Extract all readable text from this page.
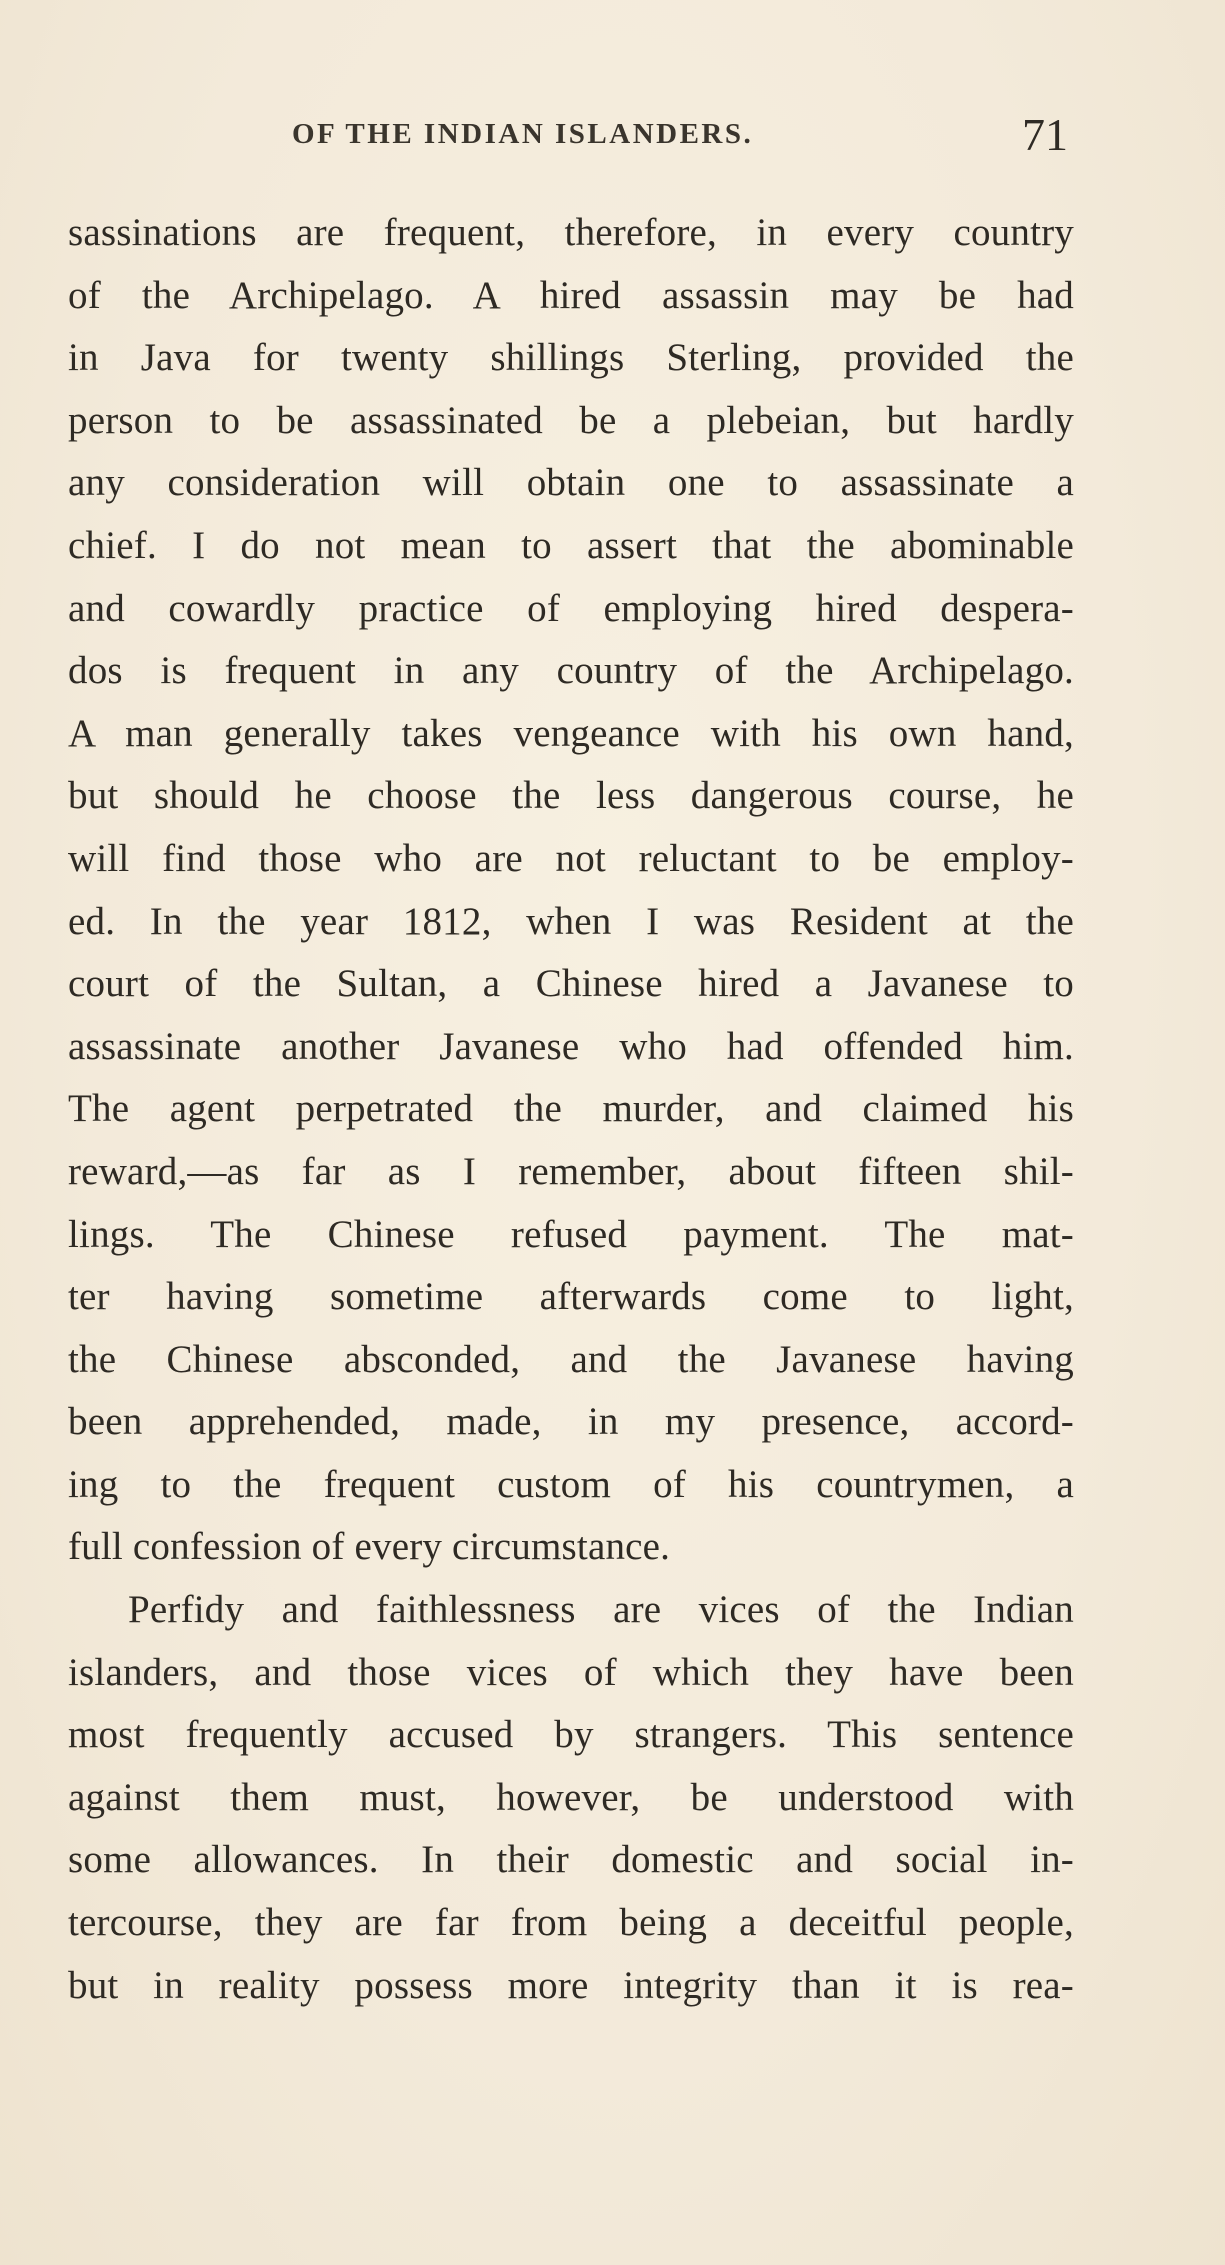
OF THE INDIAN ISLANDERS.	71
sassinations are frequent, therefore, in every country
of the Archipelago. A hired assassin may be had
in Java for twenty shillings Sterling, provided the
person to be assassinated be a plebeian, but hardly
any consideration will obtain one to assassinate a
chief. I do not mean to assert that the abominable
and cowardly practice of employing hired despera-
dos is frequent in any country of the Archipelago.
A man generally takes vengeance with his own hand,
but should he choose the less dangerous course, he
will find those who are not reluctant to be employ-
ed. In the year 1812, when I was Resident at the
court of the Sultan, a Chinese hired a Javanese to
assassinate another Javanese who had offended him.
The agent perpetrated the murder, and claimed his
reward,—as far as I remember, about fifteen shil-
lings. The Chinese refused payment. The mat-
ter having sometime afterwards come to light,
the Chinese absconded, and the Javanese having
been apprehended, made, in my presence, accord-
ing to the frequent custom of his countrymen, a
full confession of every circumstance.
Perfidy and faithlessness are vices of the Indian
islanders, and those vices of which they have been
most frequently accused by strangers. This sentence
against them must, however, be understood with
some allowances. In their domestic and social in-
tercourse, they are far from being a deceitful people,
but in reality possess more integrity than it is rea-
